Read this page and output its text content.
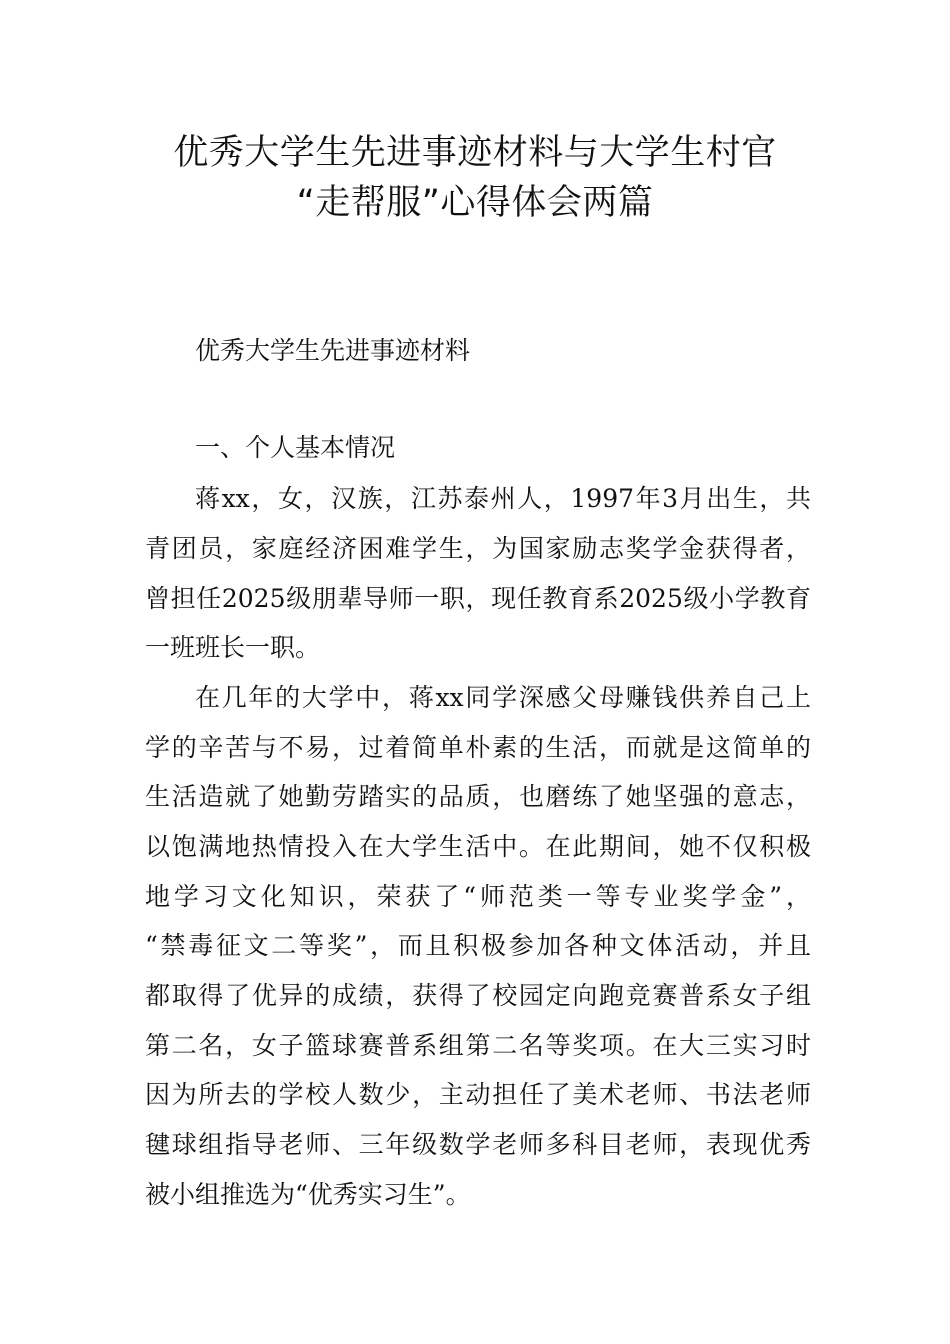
优秀大学生先进事迹材料与大学生村官
“走帮服”心得体会两篇
优秀大学生先进事迹材料
一、个人基本情况
蒋xx，女，汉族，江苏泰州人，1997年3月出生，共
青团员，家庭经济困难学生，为国家励志奖学金获得者，
曾担任2025级朋辈导师一职，现任教育系2025级小学教育
一班班长一职。
在几年的大学中，蒋xx同学深感父母赚钱供养自己上
学的辛苦与不易，过着简单朴素的生活，而就是这简单的
生活造就了她勤劳踏实的品质，也磨练了她坚强的意志，
以饱满地热情投入在大学生活中。在此期间，她不仅积极
地学习文化知识，荣获了“师范类一等专业奖学金”，
“禁毒征文二等奖”，而且积极参加各种文体活动，并且
都取得了优异的成绩，获得了校园定向跑竞赛普系女子组
第二名，女子篮球赛普系组第二名等奖项。在大三实习时
因为所去的学校人数少，主动担任了美术老师、书法老师
毽球组指导老师、三年级数学老师多科目老师，表现优秀
被小组推选为“优秀实习生”。
